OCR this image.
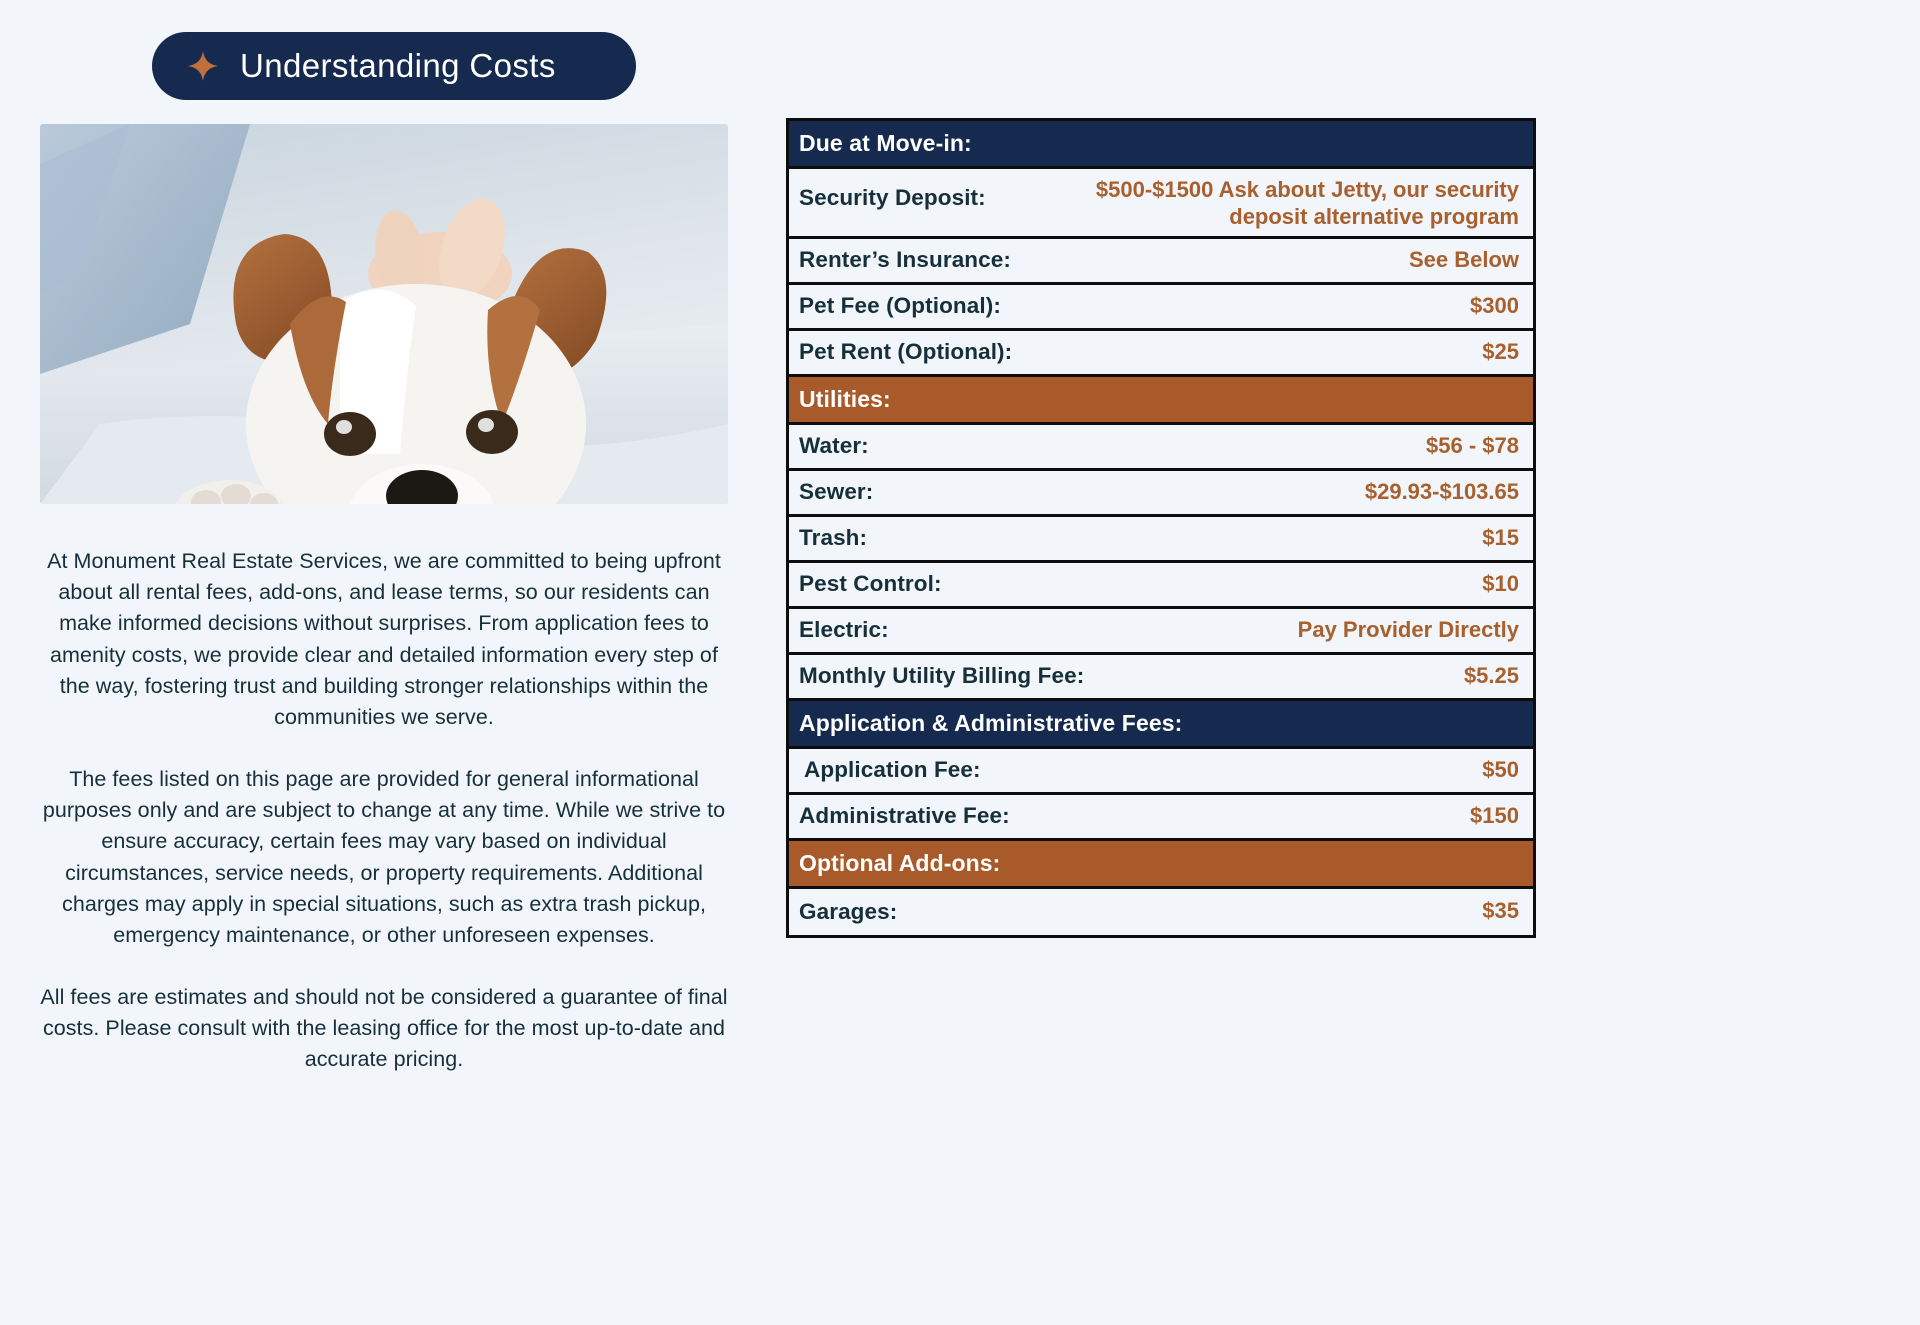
Understanding Costs

At Monument Real Estate Services, we are committed to being upfront about all rental fees, add-ons, and lease terms, so our residents can make informed decisions without surprises. From application fees to amenity costs, we provide clear and detailed information every step of the way, fostering trust and building stronger relationships within the communities we serve.

The fees listed on this page are provided for general informational purposes only and are subject to change at any time. While we strive to ensure accuracy, certain fees may vary based on individual circumstances, service needs, or property requirements. Additional charges may apply in special situations, such as extra trash pickup, emergency maintenance, or other unforeseen expenses.

All fees are estimates and should not be considered a guarantee of final costs. Please consult with the leasing office for the most up-to-date and accurate pricing.

Due at Move-in:
Security Deposit:	$500-$1500 Ask about Jetty, our security deposit alternative program
Renter’s Insurance:	See Below
Pet Fee (Optional):	$300
Pet Rent (Optional):	$25
Utilities:
Water:	$56 - $78
Sewer:	$29.93-$103.65
Trash:	$15
Pest Control:	$10
Electric:	Pay Provider Directly
Monthly Utility Billing Fee:	$5.25
Application & Administrative Fees:
Application Fee:	$50
Administrative Fee:	$150
Optional Add-ons:
Garages:	$35
